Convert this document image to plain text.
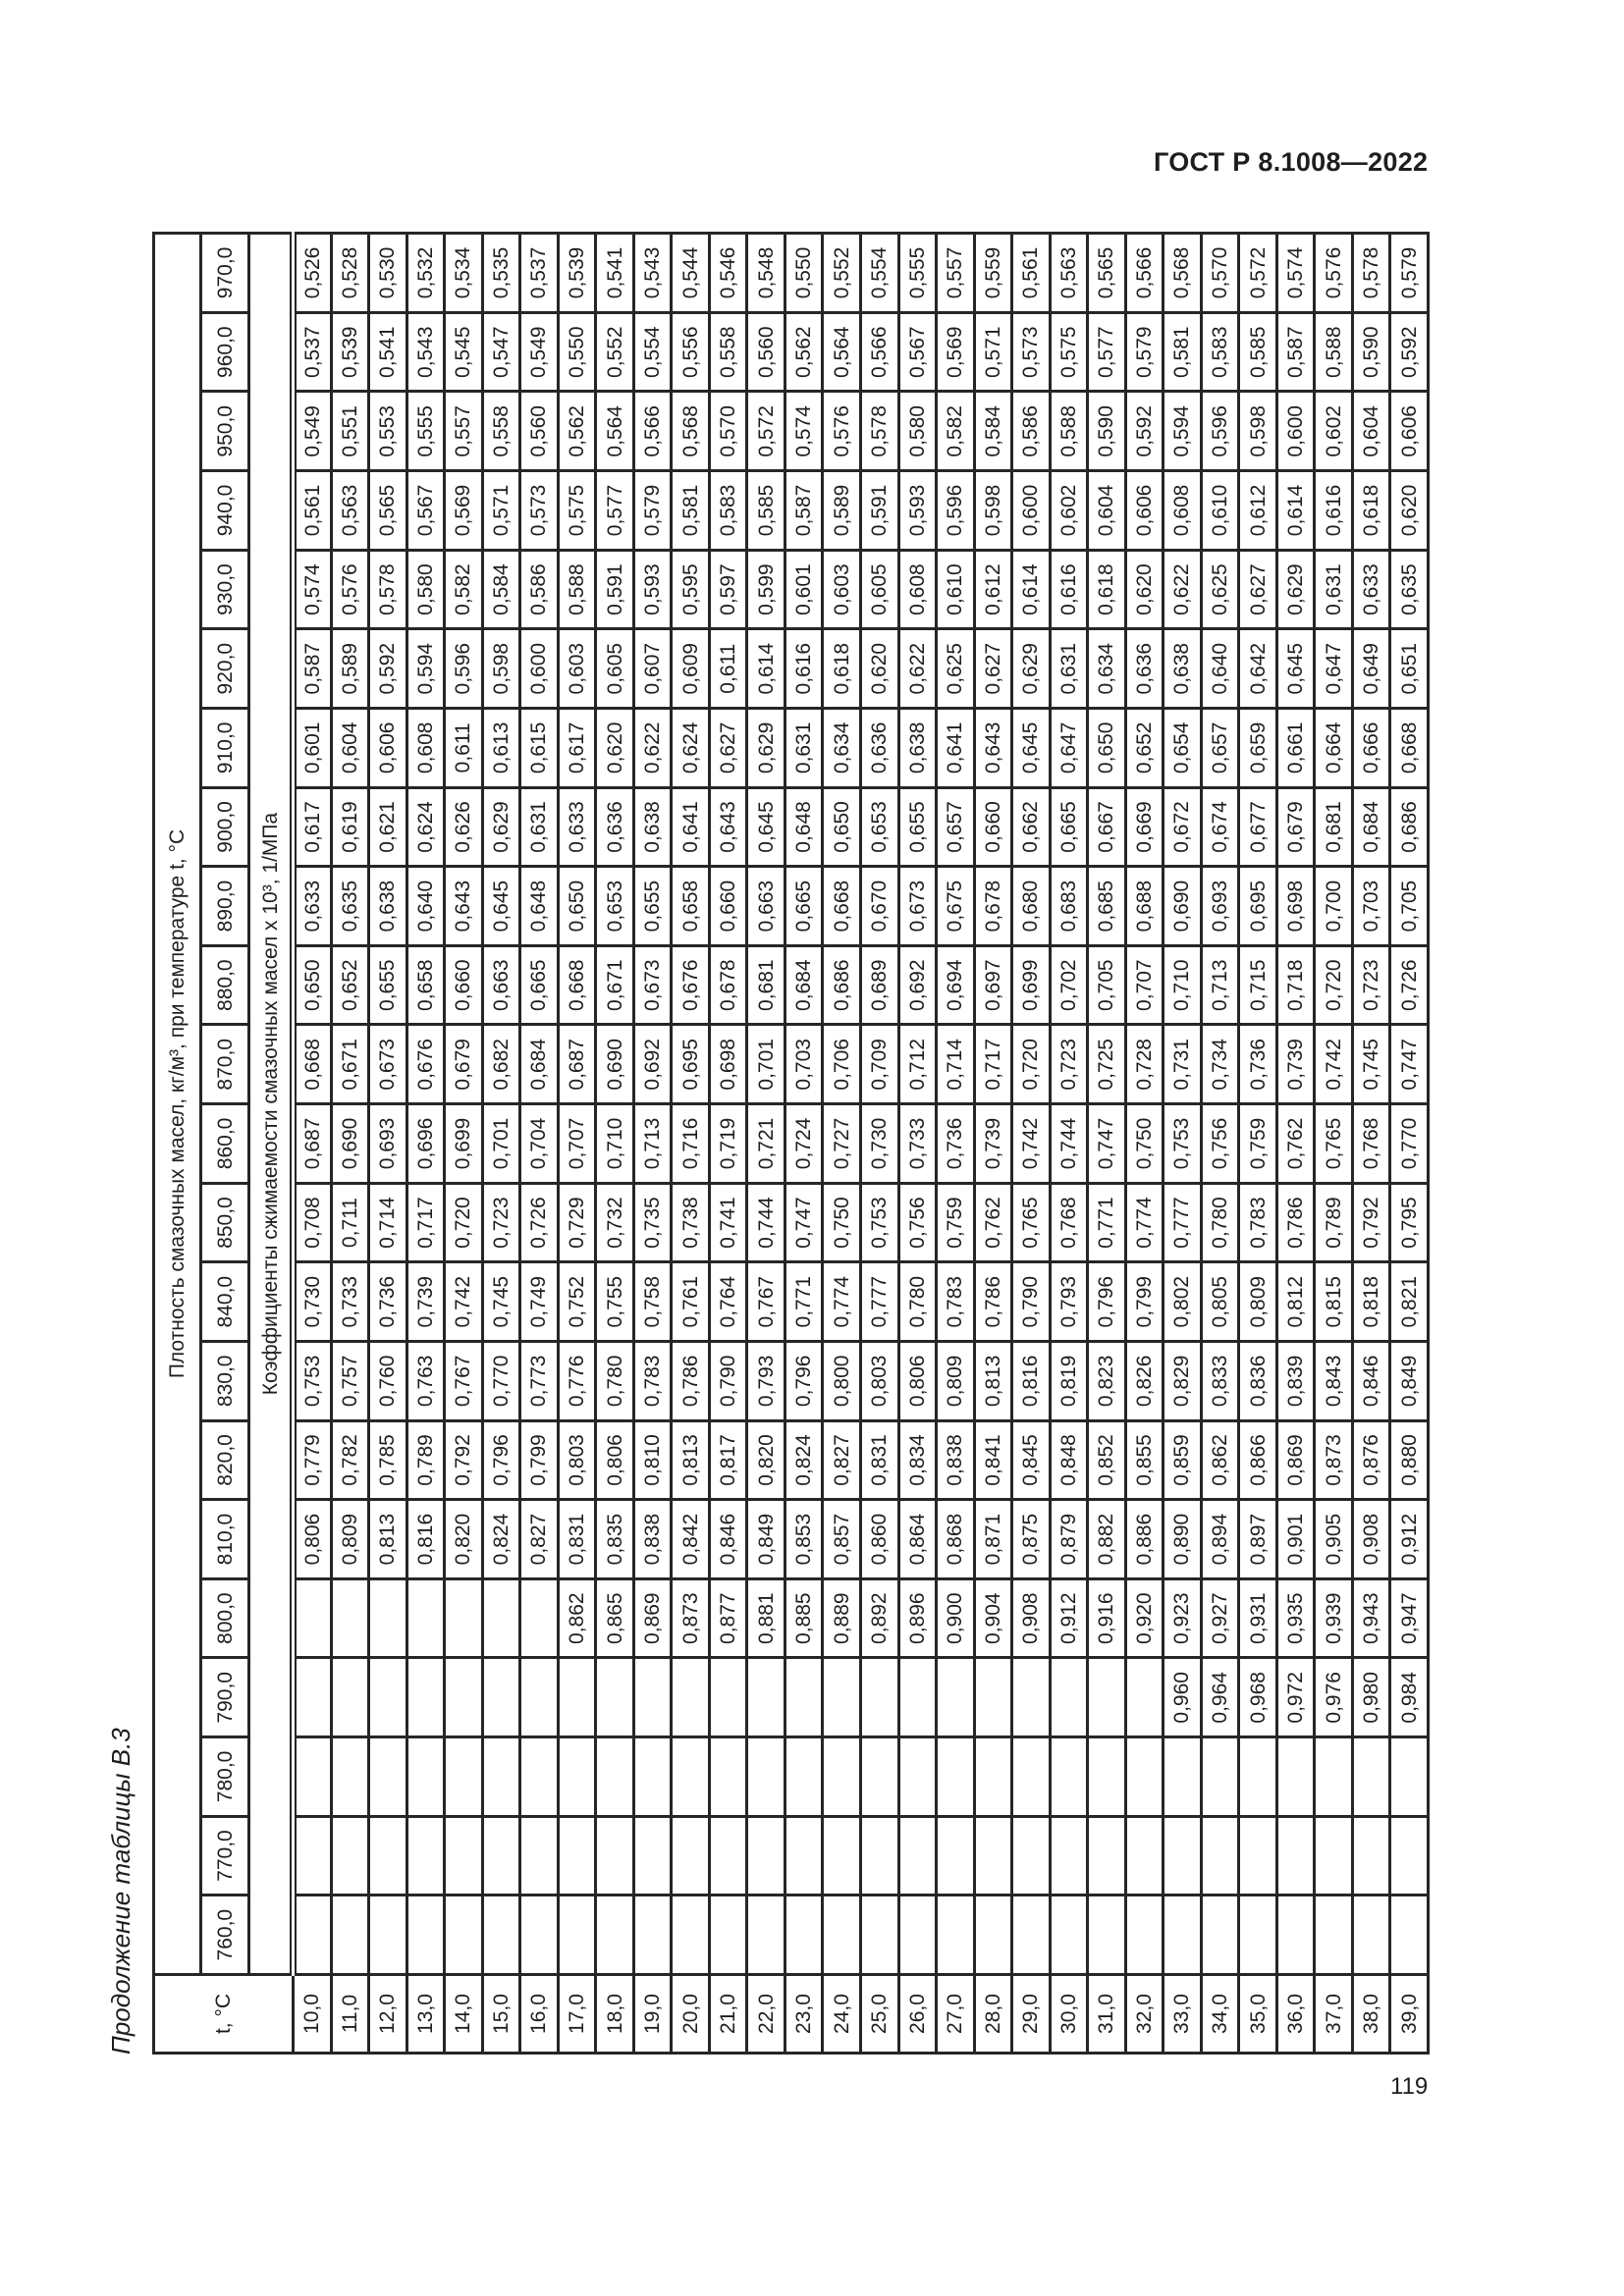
ГОСТ Р 8.1008—2022
Продолжение таблицы В.3	t, °C	Плотность смазочных масел, кг/м³, при температуре t, °C																					
	760,0	770,0	780,0	790,0	800,0	810,0	820,0	830,0	840,0	850,0	860,0	870,0	880,0	890,0	900,0	910,0	920,0	930,0	940,0	950,0	960,0	970,0
	Коэффициенты сжимаемости смазочных масел x 10³, 1/МПа																					
10,0						0,806	0,779	0,753	0,730	0,708	0,687	0,668	0,650	0,633	0,617	0,601	0,587	0,574	0,561	0,549	0,537	0,526
11,0						0,809	0,782	0,757	0,733	0,711	0,690	0,671	0,652	0,635	0,619	0,604	0,589	0,576	0,563	0,551	0,539	0,528
12,0						0,813	0,785	0,760	0,736	0,714	0,693	0,673	0,655	0,638	0,621	0,606	0,592	0,578	0,565	0,553	0,541	0,530
13,0						0,816	0,789	0,763	0,739	0,717	0,696	0,676	0,658	0,640	0,624	0,608	0,594	0,580	0,567	0,555	0,543	0,532
14,0						0,820	0,792	0,767	0,742	0,720	0,699	0,679	0,660	0,643	0,626	0,611	0,596	0,582	0,569	0,557	0,545	0,534
15,0						0,824	0,796	0,770	0,745	0,723	0,701	0,682	0,663	0,645	0,629	0,613	0,598	0,584	0,571	0,558	0,547	0,535
16,0						0,827	0,799	0,773	0,749	0,726	0,704	0,684	0,665	0,648	0,631	0,615	0,600	0,586	0,573	0,560	0,549	0,537
17,0					0,862	0,831	0,803	0,776	0,752	0,729	0,707	0,687	0,668	0,650	0,633	0,617	0,603	0,588	0,575	0,562	0,550	0,539
18,0					0,865	0,835	0,806	0,780	0,755	0,732	0,710	0,690	0,671	0,653	0,636	0,620	0,605	0,591	0,577	0,564	0,552	0,541
19,0					0,869	0,838	0,810	0,783	0,758	0,735	0,713	0,692	0,673	0,655	0,638	0,622	0,607	0,593	0,579	0,566	0,554	0,543
20,0					0,873	0,842	0,813	0,786	0,761	0,738	0,716	0,695	0,676	0,658	0,641	0,624	0,609	0,595	0,581	0,568	0,556	0,544
21,0					0,877	0,846	0,817	0,790	0,764	0,741	0,719	0,698	0,678	0,660	0,643	0,627	0,611	0,597	0,583	0,570	0,558	0,546
22,0					0,881	0,849	0,820	0,793	0,767	0,744	0,721	0,701	0,681	0,663	0,645	0,629	0,614	0,599	0,585	0,572	0,560	0,548
23,0					0,885	0,853	0,824	0,796	0,771	0,747	0,724	0,703	0,684	0,665	0,648	0,631	0,616	0,601	0,587	0,574	0,562	0,550
24,0					0,889	0,857	0,827	0,800	0,774	0,750	0,727	0,706	0,686	0,668	0,650	0,634	0,618	0,603	0,589	0,576	0,564	0,552
25,0					0,892	0,860	0,831	0,803	0,777	0,753	0,730	0,709	0,689	0,670	0,653	0,636	0,620	0,605	0,591	0,578	0,566	0,554
26,0					0,896	0,864	0,834	0,806	0,780	0,756	0,733	0,712	0,692	0,673	0,655	0,638	0,622	0,608	0,593	0,580	0,567	0,555
27,0					0,900	0,868	0,838	0,809	0,783	0,759	0,736	0,714	0,694	0,675	0,657	0,641	0,625	0,610	0,596	0,582	0,569	0,557
28,0					0,904	0,871	0,841	0,813	0,786	0,762	0,739	0,717	0,697	0,678	0,660	0,643	0,627	0,612	0,598	0,584	0,571	0,559
29,0					0,908	0,875	0,845	0,816	0,790	0,765	0,742	0,720	0,699	0,680	0,662	0,645	0,629	0,614	0,600	0,586	0,573	0,561
30,0					0,912	0,879	0,848	0,819	0,793	0,768	0,744	0,723	0,702	0,683	0,665	0,647	0,631	0,616	0,602	0,588	0,575	0,563
31,0					0,916	0,882	0,852	0,823	0,796	0,771	0,747	0,725	0,705	0,685	0,667	0,650	0,634	0,618	0,604	0,590	0,577	0,565
32,0					0,920	0,886	0,855	0,826	0,799	0,774	0,750	0,728	0,707	0,688	0,669	0,652	0,636	0,620	0,606	0,592	0,579	0,566
33,0				0,960	0,923	0,890	0,859	0,829	0,802	0,777	0,753	0,731	0,710	0,690	0,672	0,654	0,638	0,622	0,608	0,594	0,581	0,568
34,0				0,964	0,927	0,894	0,862	0,833	0,805	0,780	0,756	0,734	0,713	0,693	0,674	0,657	0,640	0,625	0,610	0,596	0,583	0,570
35,0				0,968	0,931	0,897	0,866	0,836	0,809	0,783	0,759	0,736	0,715	0,695	0,677	0,659	0,642	0,627	0,612	0,598	0,585	0,572
36,0				0,972	0,935	0,901	0,869	0,839	0,812	0,786	0,762	0,739	0,718	0,698	0,679	0,661	0,645	0,629	0,614	0,600	0,587	0,574
37,0				0,976	0,939	0,905	0,873	0,843	0,815	0,789	0,765	0,742	0,720	0,700	0,681	0,664	0,647	0,631	0,616	0,602	0,588	0,576
38,0				0,980	0,943	0,908	0,876	0,846	0,818	0,792	0,768	0,745	0,723	0,703	0,684	0,666	0,649	0,633	0,618	0,604	0,590	0,578
39,0				0,984	0,947	0,912	0,880	0,849	0,821	0,795	0,770	0,747	0,726	0,705	0,686	0,668	0,651	0,635	0,620	0,606	0,592	0,579
119
